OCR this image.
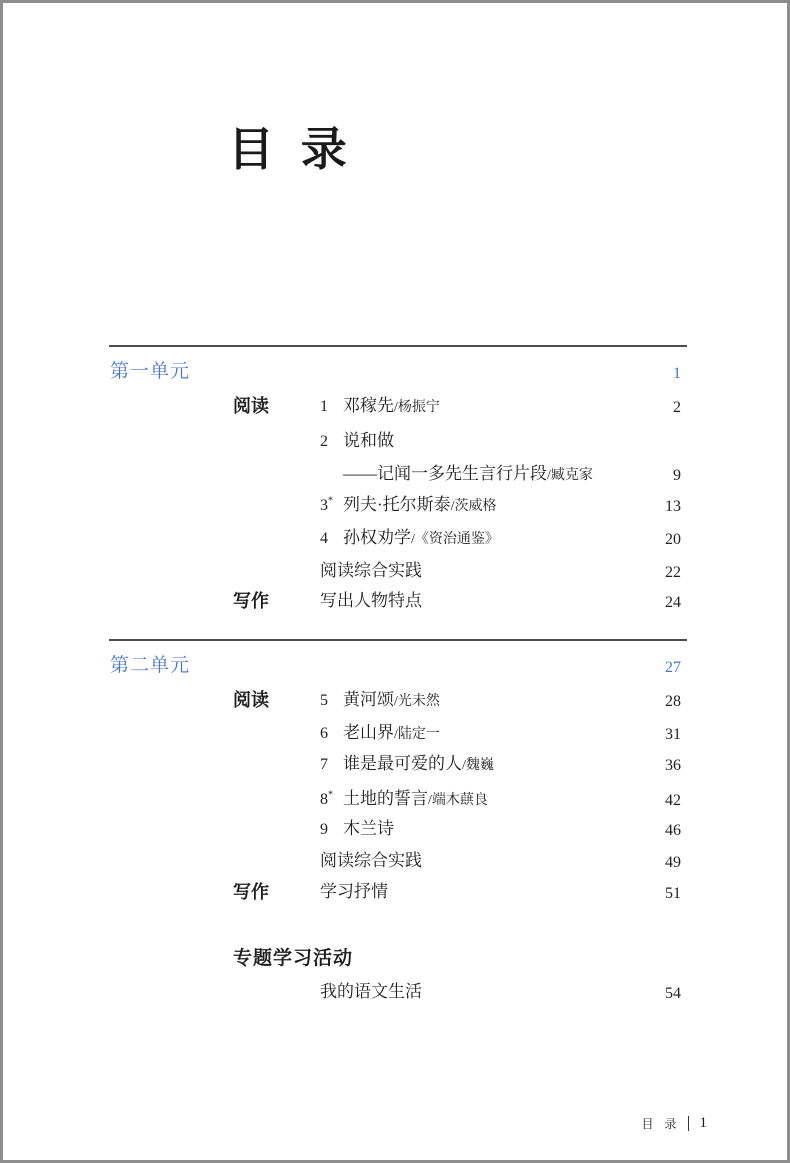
目 录
第一单元	1
阅读	1 邓稼先/杨振宁	2
2 说和做
——记闻一多先生言行片段/臧克家	9
3* 列夫·托尔斯泰/茨威格	13
4 孙权劝学/《资治通鉴》	20
阅读综合实践	22
写作	写出人物特点	24
第二单元	27
阅读	5 黄河颂/光未然	28
6 老山界/陆定一	31
7 谁是最可爱的人/魏巍	36
8* 土地的誓言/端木蕻良	42
9 木兰诗	46
阅读综合实践	49
写作	学习抒情	51
专题学习活动
我的语文生活	54
目 录 1
